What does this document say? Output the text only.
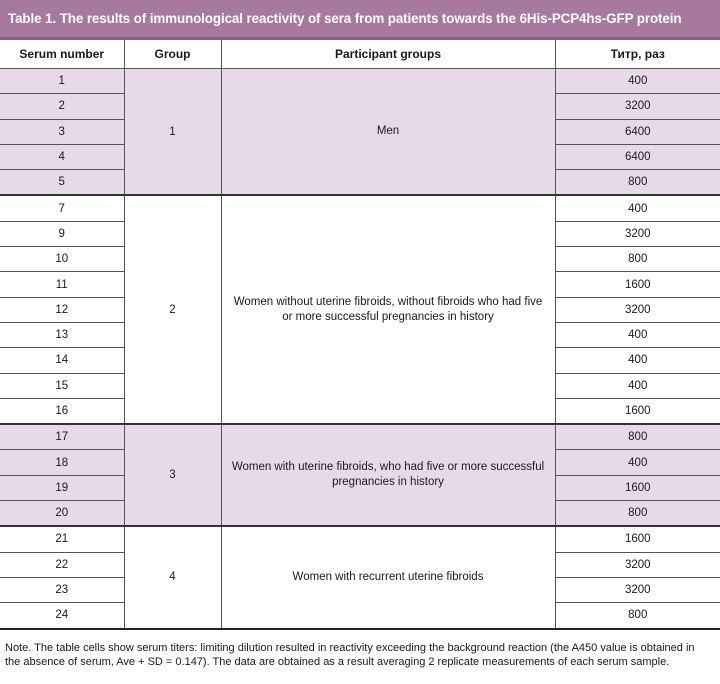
Table 1. The results of immunological reactivity of sera from patients towards the 6His-PCP4hs-GFP protein
Serum number	Group	Participant groups	Титр, раз
1	1	Men	400
2			3200
3			6400
4			6400
5			800
7	2	Women without uterine fibroids, without fibroids who had five or more successful pregnancies in history	400
9			3200
10			800
11			1600
12			3200
13			400
14			400
15			400
16			1600
17	3	Women with uterine fibroids, who had five or more successful pregnancies in history	800
18			400
19			1600
20			800
21	4	Women with recurrent uterine fibroids	1600
22			3200
23			3200
24			800
Note. The table cells show serum titers: limiting dilution resulted in reactivity exceeding the background reaction (the A450 value is obtained in the absence of serum, Ave + SD = 0.147). The data are obtained as a result averaging 2 replicate measurements of each serum sample.
